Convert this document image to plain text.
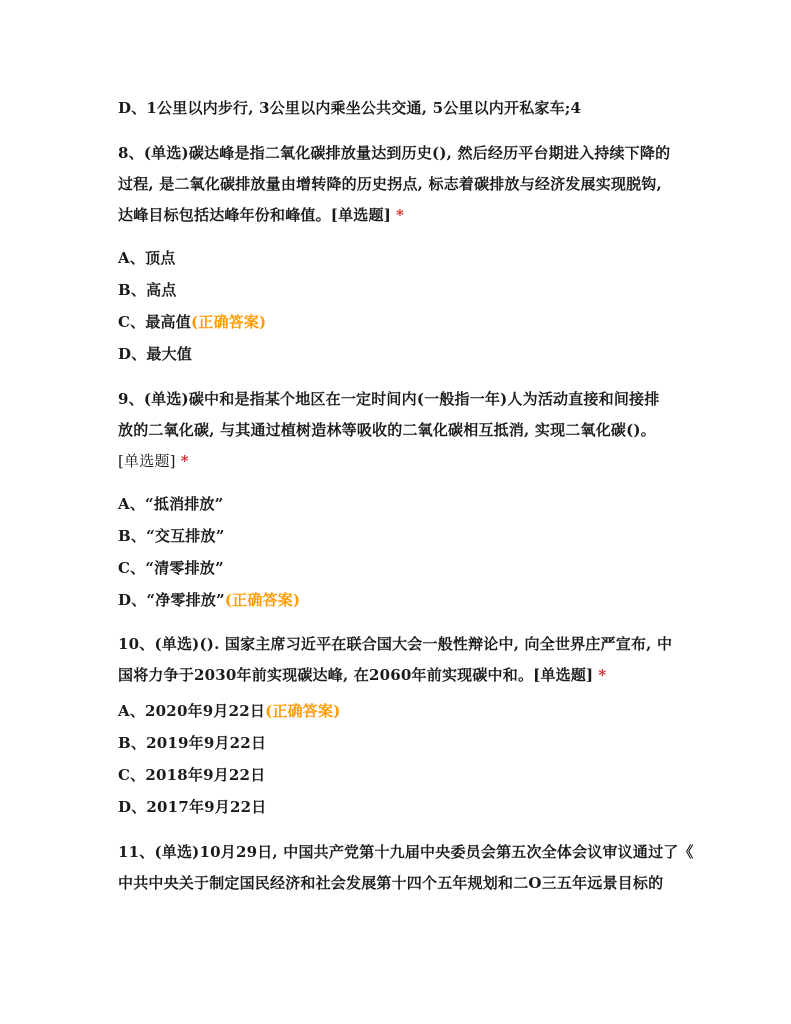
D、1公里以内步行, 3公里以内乘坐公共交通, 5公里以内开私家车;4
8、(单选)碳达峰是指二氧化碳排放量达到历史(), 然后经历平台期进入持续下降的
过程, 是二氧化碳排放量由增转降的历史拐点, 标志着碳排放与经济发展实现脱钩,
达峰目标包括达峰年份和峰值。[单选题] *
A、顶点
B、高点
C、最高值(正确答案)
D、最大值
9、(单选)碳中和是指某个地区在一定时间内(一般指一年)人为活动直接和间接排
放的二氧化碳, 与其通过植树造林等吸收的二氧化碳相互抵消, 实现二氧化碳()。
[单选题] *
A、“抵消排放”
B、“交互排放”
C、“清零排放”
D、“净零排放”(正确答案)
10、(单选)(). 国家主席习近平在联合国大会一般性辩论中, 向全世界庄严宣布, 中
国将力争于2030年前实现碳达峰, 在2060年前实现碳中和。[单选题] *
A、2020年9月22日(正确答案)
B、2019年9月22日
C、2018年9月22日
D、2017年9月22日
11、(单选)10月29日, 中国共产党第十九届中央委员会第五次全体会议审议通过了《
中共中央关于制定国民经济和社会发展第十四个五年规划和二O三五年远景目标的
